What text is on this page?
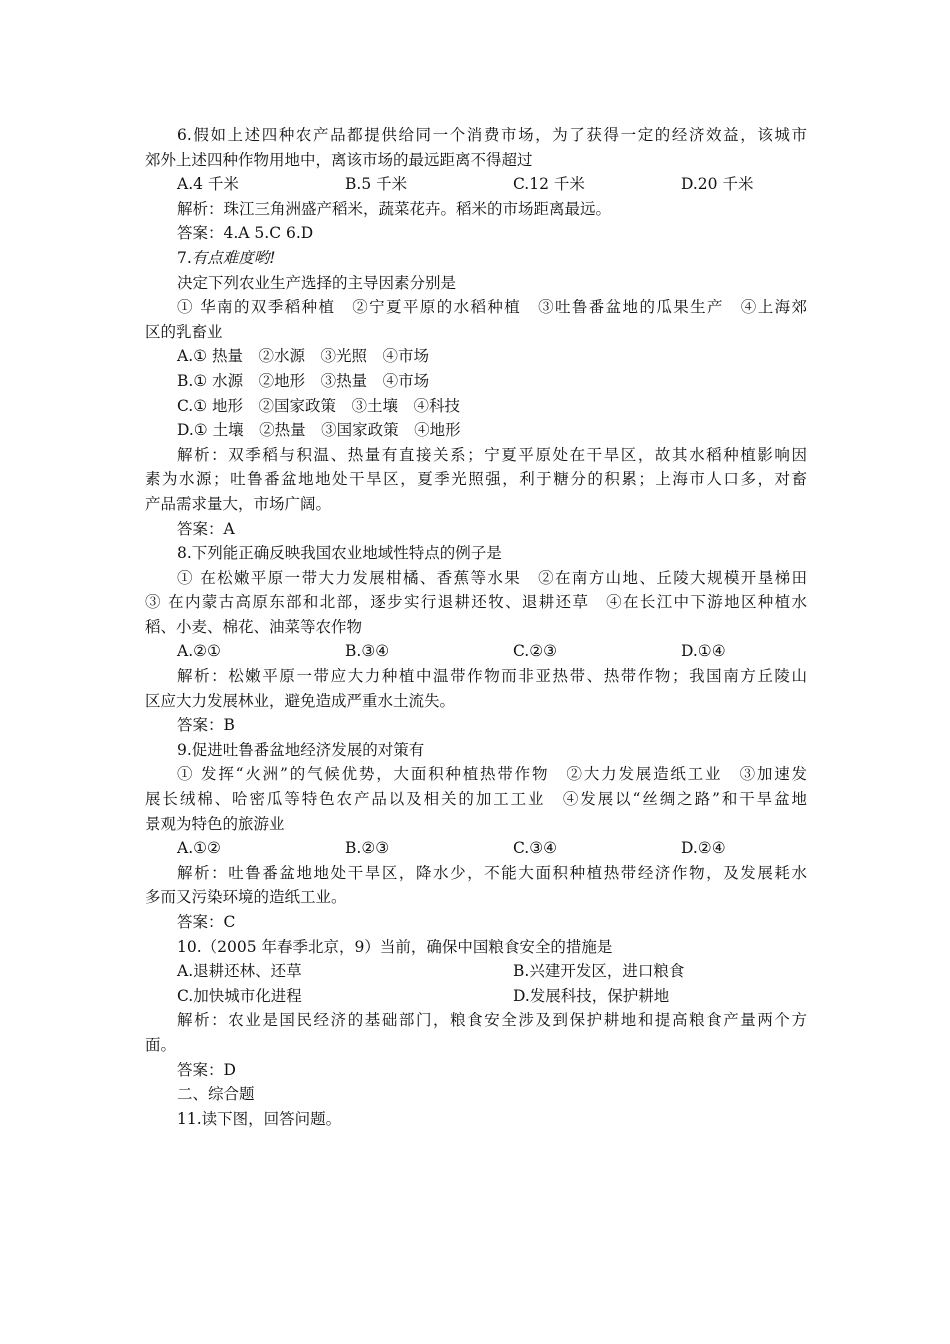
6.假如上述四种农产品都提供给同一个消费市场，为了获得一定的经济效益，该城市

郊外上述四种作物用地中，离该市场的最远距离不得超过

A.4 千米	B.5 千米	C.12 千米	D.20 千米

解析：珠江三角洲盛产稻米，蔬菜花卉。稻米的市场距离最远。

答案：4.A 5.C 6.D

7.有点难度哟!

决定下列农业生产选择的主导因素分别是

① 华南的双季稻种植　②宁夏平原的水稻种植　③吐鲁番盆地的瓜果生产　④上海郊

区的乳畜业

A.① 热量　②水源　③光照　④市场

B.① 水源　②地形　③热量　④市场

C.① 地形　②国家政策　③土壤　④科技

D.① 土壤　②热量　③国家政策　④地形

解析：双季稻与积温、热量有直接关系；宁夏平原处在干旱区，故其水稻种植影响因

素为水源；吐鲁番盆地地处干旱区，夏季光照强，利于糖分的积累；上海市人口多，对畜

产品需求量大，市场广阔。

答案：A

8.下列能正确反映我国农业地域性特点的例子是

① 在松嫩平原一带大力发展柑橘、香蕉等水果　②在南方山地、丘陵大规模开垦梯田

③ 在内蒙古高原东部和北部，逐步实行退耕还牧、退耕还草　④在长江中下游地区种植水

稻、小麦、棉花、油菜等农作物

A.②①	B.③④	C.②③	D.①④

解析：松嫩平原一带应大力种植中温带作物而非亚热带、热带作物；我国南方丘陵山

区应大力发展林业，避免造成严重水土流失。

答案：B

9.促进吐鲁番盆地经济发展的对策有

① 发挥“火洲”的气候优势，大面积种植热带作物　②大力发展造纸工业　③加速发

展长绒棉、哈密瓜等特色农产品以及相关的加工工业　④发展以“丝绸之路”和干旱盆地

景观为特色的旅游业

A.①②	B.②③	C.③④	D.②④

解析：吐鲁番盆地地处干旱区，降水少，不能大面积种植热带经济作物，及发展耗水

多而又污染环境的造纸工业。

答案：C

10.（2005 年春季北京，9）当前，确保中国粮食安全的措施是

A.退耕还林、还草	B.兴建开发区，进口粮食
C.加快城市化进程	D.发展科技，保护耕地

解析：农业是国民经济的基础部门，粮食安全涉及到保护耕地和提高粮食产量两个方

面。

答案：D

二、综合题

11.读下图，回答问题。
